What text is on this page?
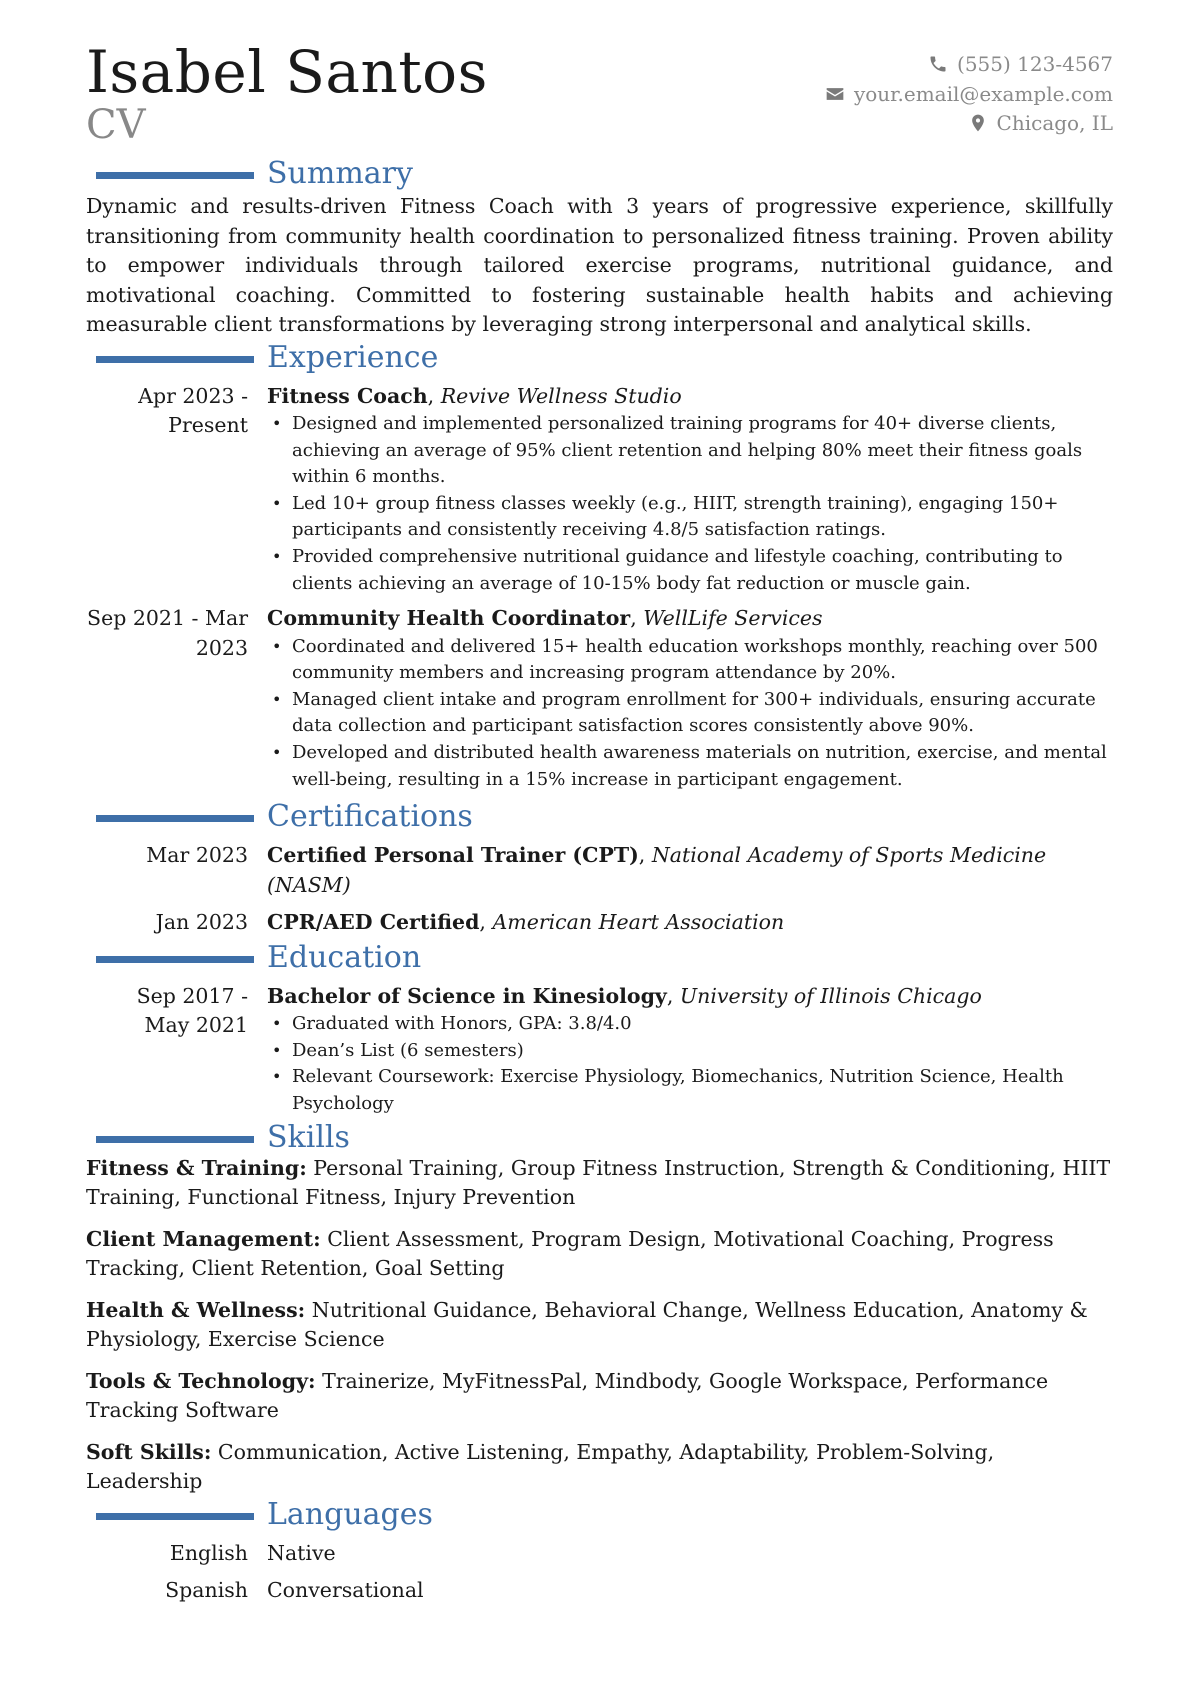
Isabel Santos
CV
(555) 123-4567
your.email@example.com
Chicago, IL
Summary
Dynamic and results-driven Fitness Coach with 3 years of progressive experience, skillfully transitioning from community health coordination to personalized fitness training. Proven ability to empower individuals through tailored exercise programs, nutritional guidance, and motivational coaching. Committed to fostering sustainable health habits and achieving measurable client transformations by leveraging strong interpersonal and analytical skills.
Experience
Apr 2023 - Present
Fitness Coach, Revive Wellness Studio
• Designed and implemented personalized training programs for 40+ diverse clients, achieving an average of 95% client retention and helping 80% meet their fitness goals within 6 months.
• Led 10+ group fitness classes weekly (e.g., HIIT, strength training), engaging 150+ participants and consistently receiving 4.8/5 satisfaction ratings.
• Provided comprehensive nutritional guidance and lifestyle coaching, contributing to clients achieving an average of 10-15% body fat reduction or muscle gain.
Sep 2021 - Mar 2023
Community Health Coordinator, WellLife Services
• Coordinated and delivered 15+ health education workshops monthly, reaching over 500 community members and increasing program attendance by 20%.
• Managed client intake and program enrollment for 300+ individuals, ensuring accurate data collection and participant satisfaction scores consistently above 90%.
• Developed and distributed health awareness materials on nutrition, exercise, and mental well-being, resulting in a 15% increase in participant engagement.
Certifications
Mar 2023 Certified Personal Trainer (CPT), National Academy of Sports Medicine (NASM)
Jan 2023 CPR/AED Certified, American Heart Association
Education
Sep 2017 - May 2021
Bachelor of Science in Kinesiology, University of Illinois Chicago
• Graduated with Honors, GPA: 3.8/4.0
• Dean’s List (6 semesters)
• Relevant Coursework: Exercise Physiology, Biomechanics, Nutrition Science, Health Psychology
Skills
Fitness & Training: Personal Training, Group Fitness Instruction, Strength & Conditioning, HIIT Training, Functional Fitness, Injury Prevention
Client Management: Client Assessment, Program Design, Motivational Coaching, Progress Tracking, Client Retention, Goal Setting
Health & Wellness: Nutritional Guidance, Behavioral Change, Wellness Education, Anatomy & Physiology, Exercise Science
Tools & Technology: Trainerize, MyFitnessPal, Mindbody, Google Workspace, Performance Tracking Software
Soft Skills: Communication, Active Listening, Empathy, Adaptability, Problem-Solving, Leadership
Languages
English Native
Spanish Conversational
